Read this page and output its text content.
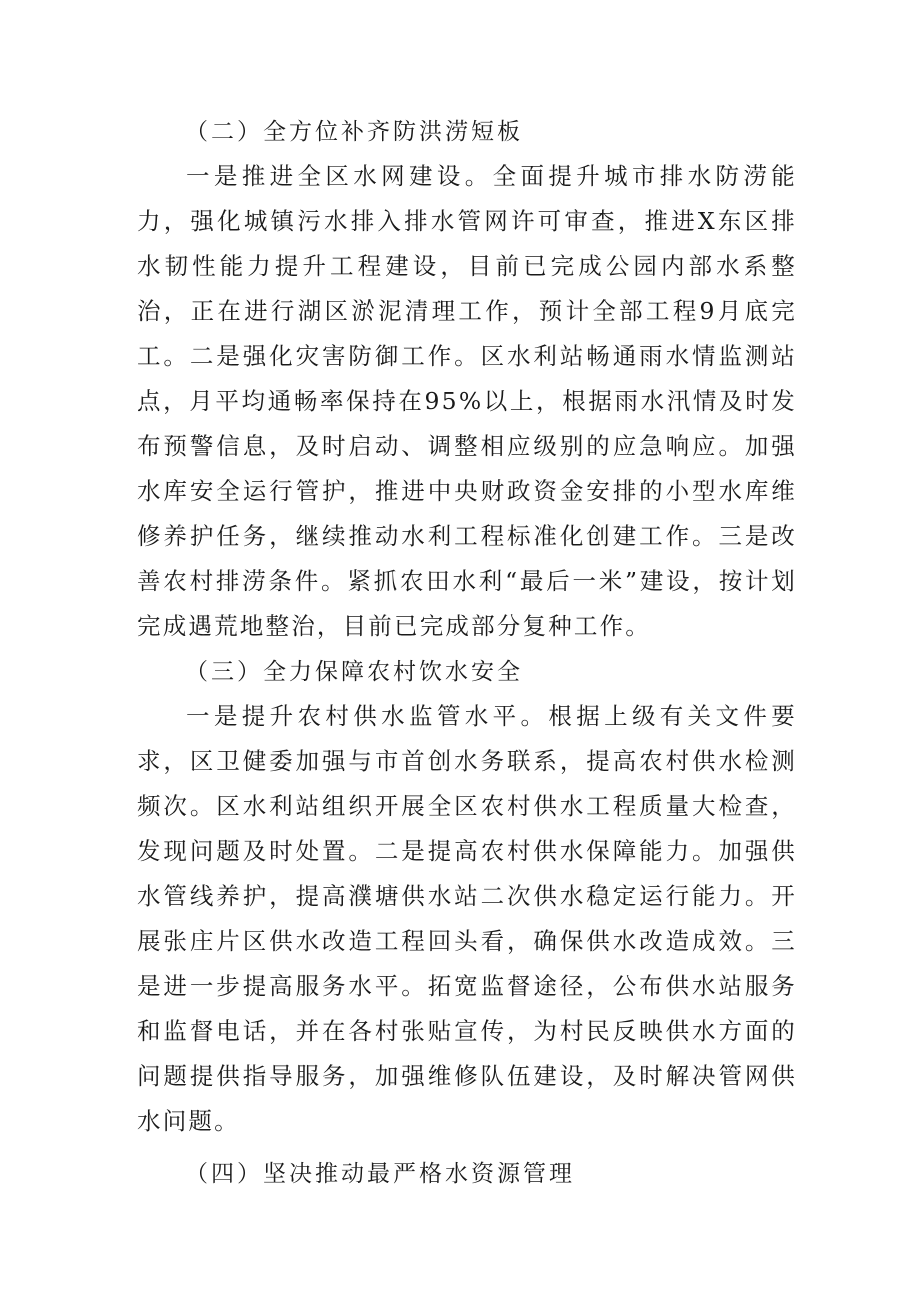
（二）全方位补齐防洪涝短板

一是推进全区水网建设。全面提升城市排水防涝能力，强化城镇污水排入排水管网许可审查，推进X东区排水韧性能力提升工程建设，目前已完成公园内部水系整治，正在进行湖区淤泥清理工作，预计全部工程9月底完工。二是强化灾害防御工作。区水利站畅通雨水情监测站点，月平均通畅率保持在95%以上，根据雨水汛情及时发布预警信息，及时启动、调整相应级别的应急响应。加强水库安全运行管护，推进中央财政资金安排的小型水库维修养护任务，继续推动水利工程标准化创建工作。三是改善农村排涝条件。紧抓农田水利“最后一米”建设，按计划完成遇荒地整治，目前已完成部分复种工作。

（三）全力保障农村饮水安全

一是提升农村供水监管水平。根据上级有关文件要求，区卫健委加强与市首创水务联系，提高农村供水检测频次。区水利站组织开展全区农村供水工程质量大检查，发现问题及时处置。二是提高农村供水保障能力。加强供水管线养护，提高濮塘供水站二次供水稳定运行能力。开展张庄片区供水改造工程回头看，确保供水改造成效。三是进一步提高服务水平。拓宽监督途径，公布供水站服务和监督电话，并在各村张贴宣传，为村民反映供水方面的问题提供指导服务，加强维修队伍建设，及时解决管网供水问题。

（四）坚决推动最严格水资源管理
